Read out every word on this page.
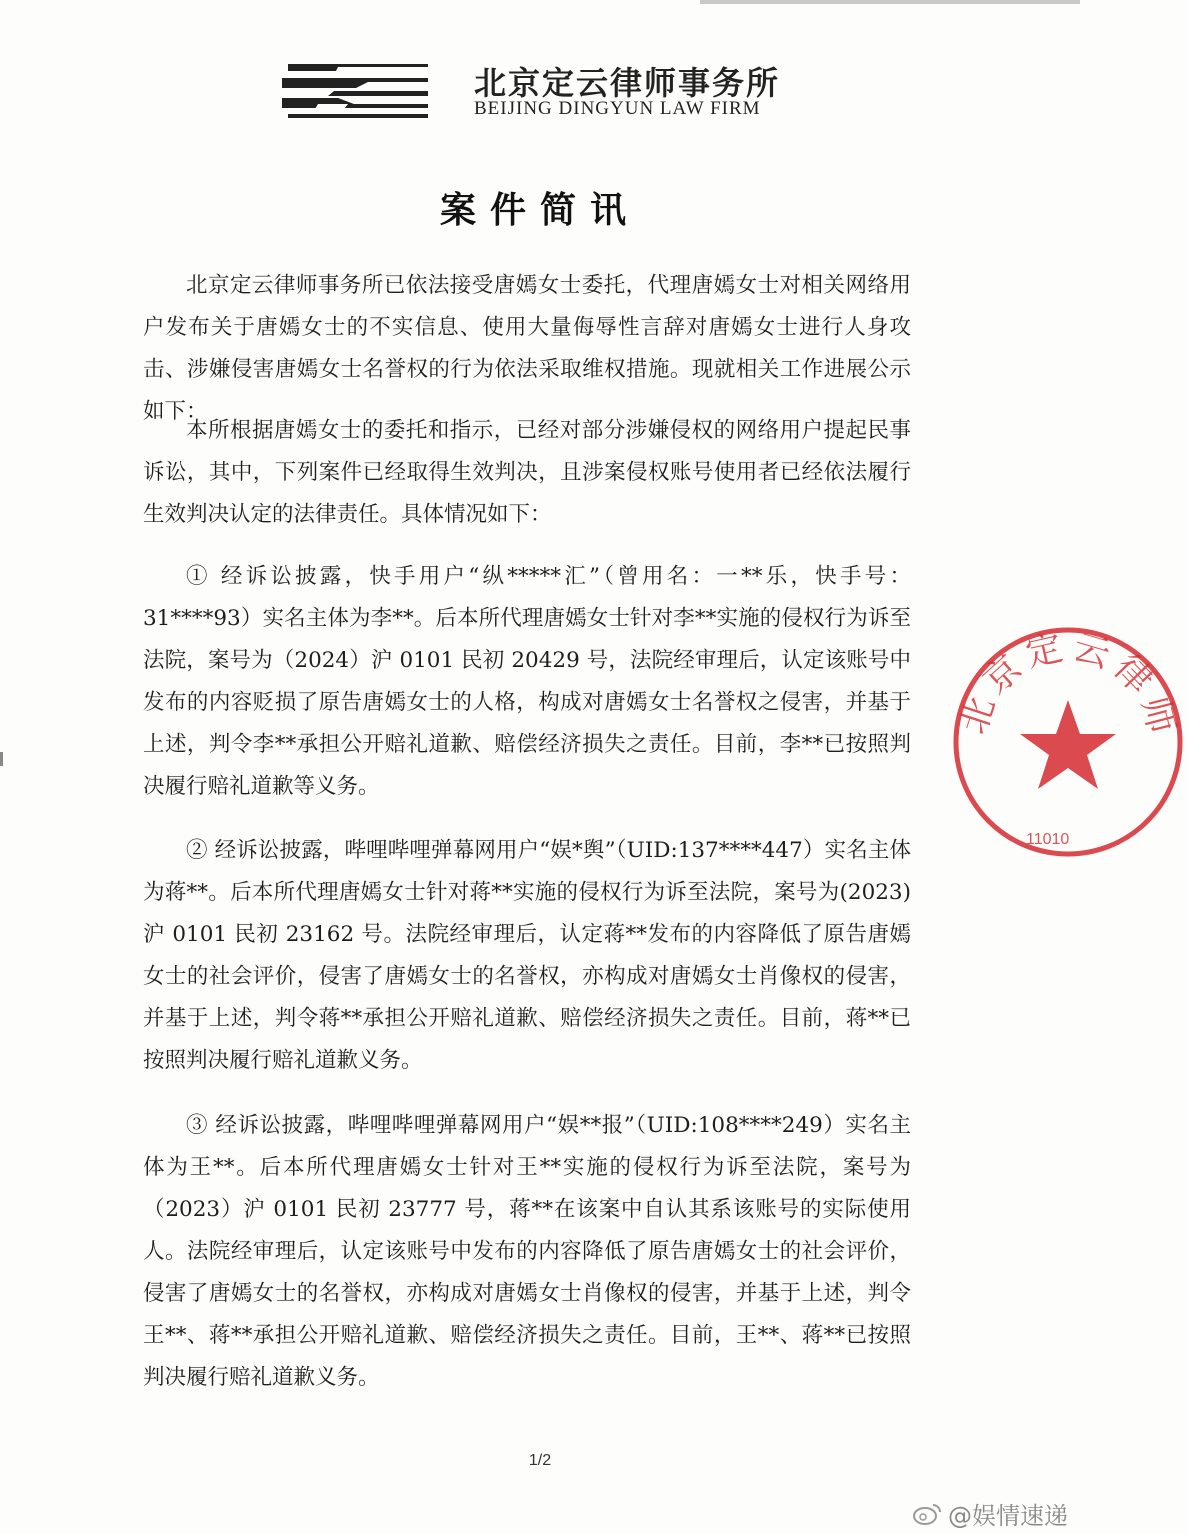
北京定云律师事务所
BEIJING DINGYUN LAW FIRM
案件简讯
北京定云律师事务所已依法接受唐嫣女士委托，代理唐嫣女士对相关网络用户发布关于唐嫣女士的不实信息、使用大量侮辱性言辞对唐嫣女士进行人身攻击、涉嫌侵害唐嫣女士名誉权的行为依法采取维权措施。现就相关工作进展公示如下：
本所根据唐嫣女士的委托和指示，已经对部分涉嫌侵权的网络用户提起民事诉讼，其中，下列案件已经取得生效判决，且涉案侵权账号使用者已经依法履行生效判决认定的法律责任。具体情况如下：
① 经诉讼披露，快手用户“纵*****汇”（曾用名：一**乐，快手号：31****93）实名主体为李**。后本所代理唐嫣女士针对李**实施的侵权行为诉至法院，案号为（2024）沪 0101 民初 20429 号，法院经审理后，认定该账号中发布的内容贬损了原告唐嫣女士的人格，构成对唐嫣女士名誉权之侵害，并基于上述，判令李**承担公开赔礼道歉、赔偿经济损失之责任。目前，李**已按照判决履行赔礼道歉等义务。
② 经诉讼披露，哔哩哔哩弹幕网用户“娱*舆”（UID:137****447）实名主体为蒋**。后本所代理唐嫣女士针对蒋**实施的侵权行为诉至法院，案号为(2023)沪 0101 民初 23162 号。法院经审理后，认定蒋**发布的内容降低了原告唐嫣女士的社会评价，侵害了唐嫣女士的名誉权，亦构成对唐嫣女士肖像权的侵害，并基于上述，判令蒋**承担公开赔礼道歉、赔偿经济损失之责任。目前，蒋**已按照判决履行赔礼道歉义务。
③ 经诉讼披露，哔哩哔哩弹幕网用户“娱**报”（UID:108****249）实名主体为王**。后本所代理唐嫣女士针对王**实施的侵权行为诉至法院，案号为（2023）沪 0101 民初 23777 号，蒋**在该案中自认其系该账号的实际使用人。法院经审理后，认定该账号中发布的内容降低了原告唐嫣女士的社会评价，侵害了唐嫣女士的名誉权，亦构成对唐嫣女士肖像权的侵害，并基于上述，判令王**、蒋**承担公开赔礼道歉、赔偿经济损失之责任。目前，王**、蒋**已按照判决履行赔礼道歉义务。
1/2
北京定云律师
11010
@娱情速递
